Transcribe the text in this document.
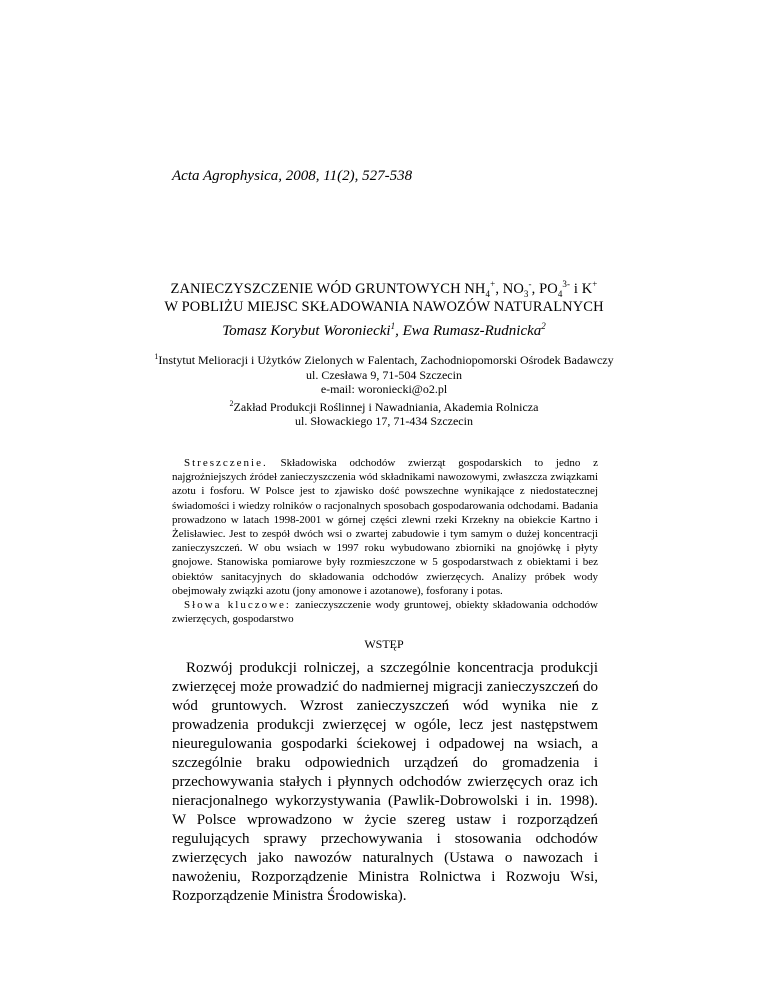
Acta Agrophysica, 2008, 11(2), 527-538
ZANIECZYSZCZENIE WÓD GRUNTOWYCH $NH_4^+$, $NO_3^-$, $PO_4^{3-}$ i K+
W POBLIŻU MIEJSC SKŁADOWANIA NAWOZÓW NATURALNYCH
Tomasz Korybut Woroniecki$^1$, Ewa Rumasz-Rudnicka$^2$
$^1$Instytut Melioracji i Użytków Zielonych w Falentach, Zachodniopomorski Ośrodek Badawczy
ul. Czesława 9, 71-504 Szczecin
e-mail: woroniecki@o2.pl
$^2$Zakład Produkcji Roślinnej i Nawadniania, Akademia Rolnicza
ul. Słowackiego 17, 71-434 Szczecin

Streszczenie. Składowiska odchodów zwierząt gospodarskich to jedno z najgroźniejszych źródeł zanieczyszczenia wód składnikami nawozowymi, zwłaszcza związkami azotu i fosforu. W Polsce jest to zjawisko dość powszechne wynikające z niedostatecznej świadomości i wiedzy rolników o racjonalnych sposobach gospodarowania odchodami. Badania prowadzono w latach 1998-2001 w górnej części zlewni rzeki Krzekny na obiekcie Kartno i Żelisławiec. Jest to zespół dwóch wsi o zwartej zabudowie i tym samym o dużej koncentracji zanieczyszczeń. W obu wsiach w 1997 roku wybudowano zbiorniki na gnojówkę i płyty gnojowe. Stanowiska pomiarowe były rozmieszczone w 5 gospodarstwach z obiektami i bez obiektów sanitacyjnych do składowania odchodów zwierzęcych. Analizy próbek wody obejmowały związki azotu (jony amonowe i azotanowe), fosforany i potas.

Słowa kluczowe: zanieczyszczenie wody gruntowej, obiekty składowania odchodów zwierzęcych, gospodarstwo

WSTĘP

Rozwój produkcji rolniczej, a szczególnie koncentracja produkcji zwierzęcej może prowadzić do nadmiernej migracji zanieczyszczeń do wód gruntowych. Wzrost zanieczyszczeń wód wynika nie z prowadzenia produkcji zwierzęcej w ogóle, lecz jest następstwem nieuregulowania gospodarki ściekowej i odpadowej na wsiach, a szczególnie braku odpowiednich urządzeń do gromadzenia i przechowywania stałych i płynnych odchodów zwierzęcych oraz ich nieracjonalnego wykorzystywania (Pawlik-Dobrowolski i in. 1998). W Polsce wprowadzono w życie szereg ustaw i rozporządzeń regulujących sprawy przechowywania i stosowania odchodów zwierzęcych jako nawozów naturalnych (Ustawa o nawozach i nawożeniu, Rozporządzenie Ministra Rolnictwa i Rozwoju Wsi, Rozporządzenie Ministra Środowiska).
